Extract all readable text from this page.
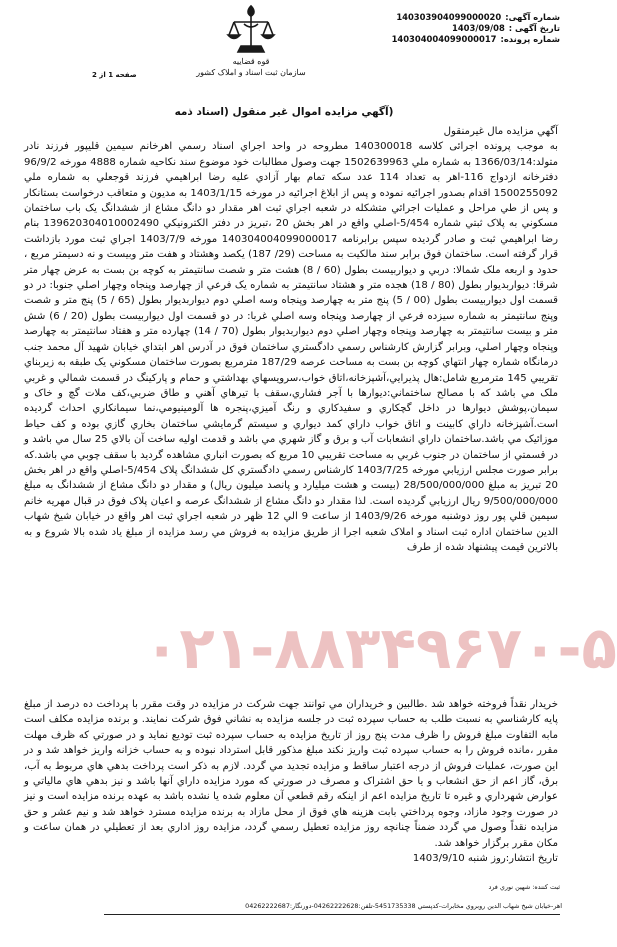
شماره آگهی:140303904099000020
تاریخ آگهی :1403/09/08
شماره پرونده:140304004099000017
قوه قضاییه
سازمان ثبت اسناد و املاک کشور
صفحه 1 از 2
(آگهي مزايده اموال غير منقول (اسناد ذمه

آگهي مزايده مال غيرمنقول

به موجب پرونده اجرائی کلاسه 140300018 مطروحه در واحد اجراي اسناد رسمي اهرخانم سيمين قليپور فرزند نادر متولد:1366/03/14 به شماره ملي 1502639963 جهت وصول مطالبات خود موضوع سند نکاحيه شماره 4888 مورخه 96/9/2 دفترخانه ازدواج 116-اهر به تعداد 114 عدد سکه تمام بهار آزادي عليه رضا ابراهيمي فرزند قوجعلي به شماره ملي 1500255092 اقدام بصدور اجرائيه نموده و پس از ابلاغ اجرائيه در مورخه 1403/1/15 به مديون و متعاقب درخواست بستانکار و پس از طي مراحل و عمليات اجرائي متشكله در شعبه اجراي ثبت اهر مقدار دو دانگ مشاع از ششدانگ يک باب ساختمان مسکوني به پلاک ثبتي شماره 5/454-اصلي واقع در اهر بخش 20 ،تبريز در دفتر الکترونيکي 139620304010002490 بنام رضا ابراهيمي ثبت و صادر گرديده سپس برابرنامه 140304004099000017 مورخه 1403/7/9 اجراي ثبت مورد بازداشت قرار گرفته است. ساختمان فوق برابر سند مالکيت به مساحت (29/ 187) يکصد وهشتاد و هفت متر وبيست و نه دسيمتر مربع ، حدود و اربعه ملک شمالا: دربي و ديواربيست بطول (60 / 8) هشت متر و شصت سانتيمتر به کوچه بن بست به عرض چهار متر شرقا: ديواربديوار بطول (80 / 18) هجده متر و هشتاد سانتيمتر به شماره يک فرعي از چهارصد وپنجاه وچهار اصلي جنوبا: در دو قسمت اول ديواربيست بطول (00 / 5) پنج متر به چهارصد وپنجاه وسه اصلي دوم ديواربديوار بطول (65 / 5) پنج متر و شصت وپنج سانتيمتر به شماره سيزده فرعي از چهارصد وپنجاه وسه اصلي غربا: در دو قسمت اول ديواربيست بطول (20 / 6) شش متر و بيست سانتيمتر به چهارصد وپنجاه وچهار اصلي دوم ديواربديوار بطول (70 / 14) چهارده متر و هفتاد سانتيمتر به چهارصد وپنجاه وچهار اصلي، وبرابر گزارش کارشناس رسمي دادگستري ساختمان فوق در آدرس اهر ابتداي خيابان شهيد آل محمد جنب درمانگاه شماره چهار انتهاي کوچه بن بست به مساحت عرصه 187/29 مترمربع بصورت ساختمان مسکوني يک طبقه به زيربناي تقريبي 145 مترمربع شامل:هال پذيرايي،آشپزخانه،اتاق خواب،سرويسهاي بهداشتي و حمام و پارکينگ در قسمت شمالي و غربي ملک مي باشد که با مصالح ساختماني:ديوارها با آجر فشاري،سقف با تيرهاي آهني و طاق ضربي،کف ملات گچ و خاک و سيمان،پوشش ديوارها در داخل گچکاري و سفيدکاري و رنگ آميزي،پنجره ها آلومينيومي،نما سيمانکاري احداث گرديده است.آشپزخانه داراي کابينت و اتاق خواب داراي کمد ديواري و سيستم گرمايشي ساختمان بخاري گازي بوده و کف حياط موزائيک مي باشد.ساختمان داراي انشعابات آب و برق و گاز شهري مي باشد و قدمت اوليه ساخت آن بالاي 25 سال مي باشد و در قسمتي از ساختمان در جنوب غربي به مساحت تقريبي 10 مربع که بصورت انباري مشاهده گرديد با سقف چوبي مي باشد.که برابر صورت مجلس ارزيابي مورخه 1403/7/25 کارشناس رسمي دادگستري کل ششدانگ پلاک 5/454-اصلي واقع در اهر بخش 20 تبريز به مبلغ 28/500/000/000 (بيست و هشت ميليارد و پانصد ميليون ريال) و مقدار دو دانگ مشاع از ششدانگ به مبلغ 9/500/000/000 ريال ارزيابي گرديده است. لذا مقدار دو دانگ مشاع از ششدانگ عرصه و اعيان پلاک فوق در قبال مهريه خانم سيمين قلي پور روز دوشنبه مورخه 1403/9/26 از ساعت 9 الي 12 ظهر در شعبه اجراي ثبت اهر واقع در خيابان شيخ شهاب الدين ساختمان اداره ثبت اسناد و املاک شعبه اجرا از طريق مزايده به فروش مي رسد مزايده از مبلغ ياد شده بالا شروع و به بالاترين قيمت پيشنهاد شده از طرف

۰۲۱-۸۸۳۴۹۶۷۰-۵

خريدار نقداً فروخته خواهد شد .طالبين و خريداران مي توانند جهت شرکت در مزايده در وقت مقرر با پرداخت ده درصد از مبلغ پايه کارشناسي به نسبت طلب به حساب سپرده ثبت در جلسه مزايده به نشاني فوق شرکت نمايند. و برنده مزايده مکلف است مابه التفاوت مبلغ فروش را ظرف مدت پنج روز از تاريخ مزايده به حساب سپرده ثبت توديع نمايد و در صورتي که ظرف مهلت مقرر ،مانده فروش را به حساب سپرده ثبت واريز نکند مبلغ مذکور قابل استرداد نبوده و به حساب خزانه واريز خواهد شد و در اين صورت، عمليات فروش از درجه اعتبار ساقط و مزايده تجديد مي گردد. لازم به ذکر است پرداخت بدهي هاي مربوط به آب، برق، گاز اعم از حق انشعاب و يا حق اشتراک و مصرف در صورتي که مورد مزايده داراي آنها باشد و نيز بدهي هاي مالياتي و عوارض شهرداري و غيره تا تاريخ مزايده اعم از اينکه رقم قطعي آن معلوم شده يا نشده باشد به عهده برنده مزايده است و نيز در صورت وجود مازاد، وجوه پرداختي بابت هزينه هاي فوق از محل مازاد به برنده مزايده مسترد خواهد شد و نيم عشر و حق مزايده نقداً وصول مي گردد ضمناً چنانچه روز مزايده تعطيل رسمي گردد، مزايده روز اداري بعد از تعطيلي در همان ساعت و مکان مقرر برگزار خواهد شد.

تاريخ انتشار:روز شنبه 1403/9/10

ثبت کننده: شهين نوري فرد
اهر-خيابان شيخ شهاب الدين روبروي مخابرات-کدپستي 5451735338-تلفن:04262222628-دورنگار:04262222687
